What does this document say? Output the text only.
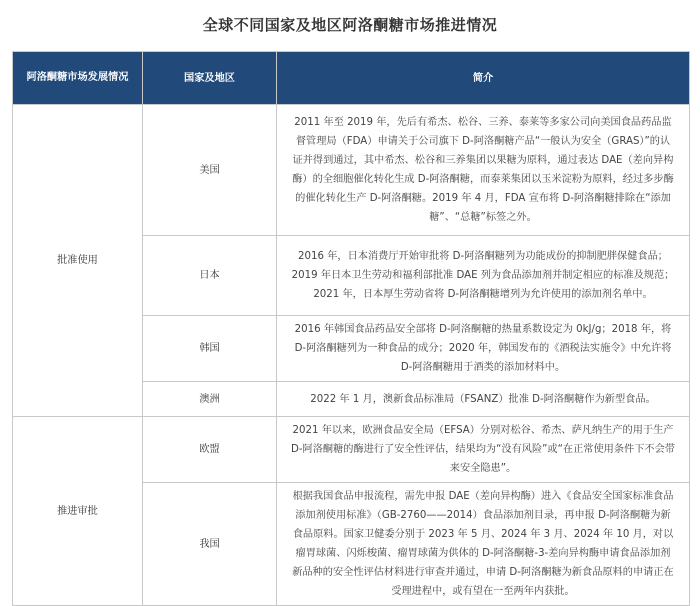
全球不同国家及地区阿洛酮糖市场推进情况
阿洛酮糖市场发展情况	国家及地区	简介
批准使用	美国	2011 年至 2019 年，先后有希杰、松谷、三养、泰莱等多家公司向美国食品药品监督管理局（FDA）申请关于公司旗下 D-阿洛酮糖产品“一般认为安全（GRAS）”的认证并得到通过，其中希杰、松谷和三养集团以果糖为原料，通过表达 DAE（差向异构酶）的全细胞催化转化生成 D-阿洛酮糖，而泰莱集团以玉米淀粉为原料，经过多步酶的催化转化生产 D-阿洛酮糖。2019 年 4 月，FDA 宣布将 D-阿洛酮糖排除在“添加糖”、“总糖”标签之外。
	日本	2016 年，日本消费厅开始审批将 D-阿洛酮糖列为功能成份的抑制肥胖保健食品；2019 年日本卫生劳动和福利部批准 DAE 列为食品添加剂并制定相应的标准及规范；2021 年，日本厚生劳动省将 D-阿洛酮糖增列为允许使用的添加剂名单中。
	韩国	2016 年韩国食品药品安全部将 D-阿洛酮糖的热量系数设定为 0kJ/g；2018 年，将 D-阿洛酮糖列为一种食品的成分；2020 年，韩国发布的《酒税法实施令》中允许将 D-阿洛酮糖用于酒类的添加材料中。
	澳洲	2022 年 1 月，澳新食品标准局（FSANZ）批准 D-阿洛酮糖作为新型食品。
推进审批	欧盟	2021 年以来，欧洲食品安全局（EFSA）分别对松谷、希杰、萨凡纳生产的用于生产 D-阿洛酮糖的酶进行了安全性评估，结果均为“没有风险”或“在正常使用条件下不会带来安全隐患”。
	我国	根据我国食品申报流程，需先申报 DAE（差向异构酶）进入《食品安全国家标准食品添加剂使用标准》（GB-2760——2014）食品添加剂目录，再申报 D-阿洛酮糖为新食品原料。国家卫健委分别于 2023 年 5 月、2024 年 3 月、2024 年 10 月，对以瘤胃球菌、闪烁梭菌、瘤胃球菌为供体的 D-阿洛酮糖-3-差向异构酶申请食品添加剂新品种的安全性评估材料进行审查并通过，申请 D-阿洛酮糖为新食品原料的申请正在受理进程中，或有望在一至两年内获批。
